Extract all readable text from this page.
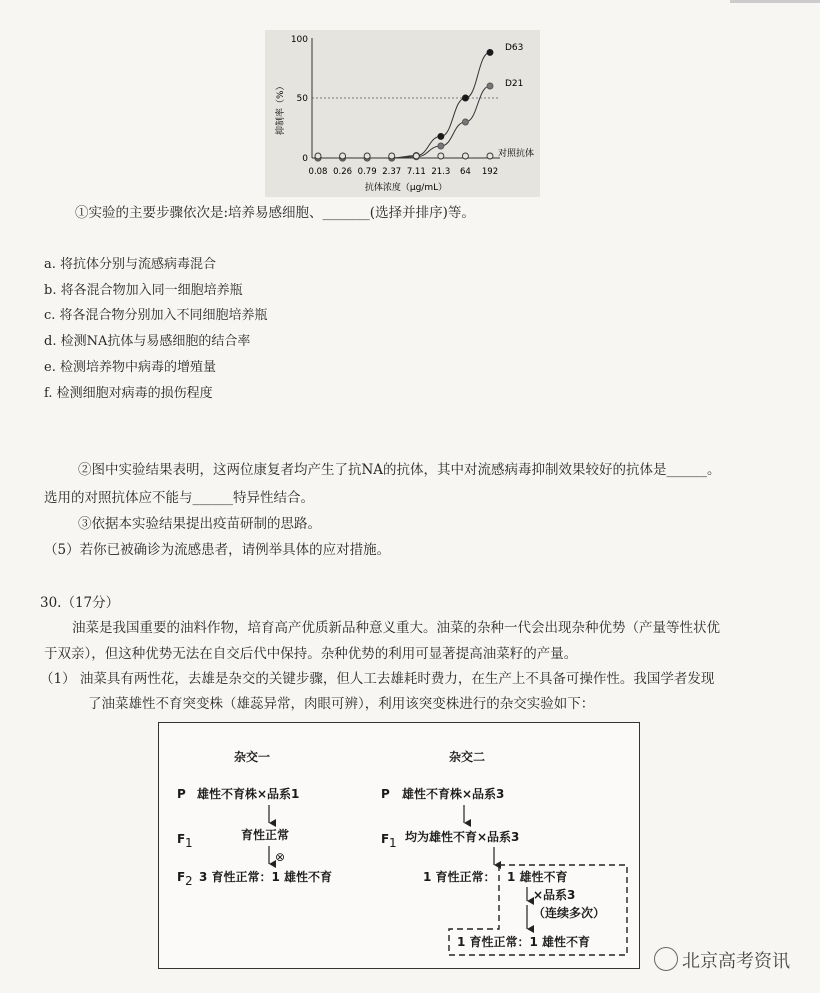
100
50
0
抑制率（%）
抗体浓度（μg/mL）
0.08 0.26 0.79 2.37 7.11 21.3 64 192
D63
D21
对照抗体
①实验的主要步骤依次是:培养易感细胞、_______(选择并排序)等。
a. 将抗体分别与流感病毒混合
b. 将各混合物加入同一细胞培养瓶
c. 将各混合物分别加入不同细胞培养瓶
d. 检测NA抗体与易感细胞的结合率
e. 检测培养物中病毒的增殖量
f. 检测细胞对病毒的损伤程度
②图中实验结果表明，这两位康复者均产生了抗NA的抗体，其中对流感病毒抑制效果较好的抗体是______。
选用的对照抗体应不能与______特异性结合。
③依据本实验结果提出疫苗研制的思路。
（5）若你已被确诊为流感患者，请例举具体的应对措施。
30.（17分）
油菜是我国重要的油料作物，培育高产优质新品种意义重大。油菜的杂种一代会出现杂种优势（产量等性状优
于双亲），但这种优势无法在自交后代中保持。杂种优势的利用可显著提高油菜籽的产量。
（1） 油菜具有两性花，去雄是杂交的关键步骤，但人工去雄耗时费力，在生产上不具备可操作性。我国学者发现
了油菜雄性不育突变株（雄蕊异常，肉眼可辨），利用该突变株进行的杂交实验如下：
杂交一	杂交二
P 雄性不育株×品系1
F 1
育性正常
⊗
F 2 3 育性正常：1 雄性不育
P 雄性不育株×品系3
F 1 均为雄性不育×品系3
1 育性正常： 1 雄性不育
×品系3
（连续多次）
1 育性正常：1 雄性不育
北京高考资讯
